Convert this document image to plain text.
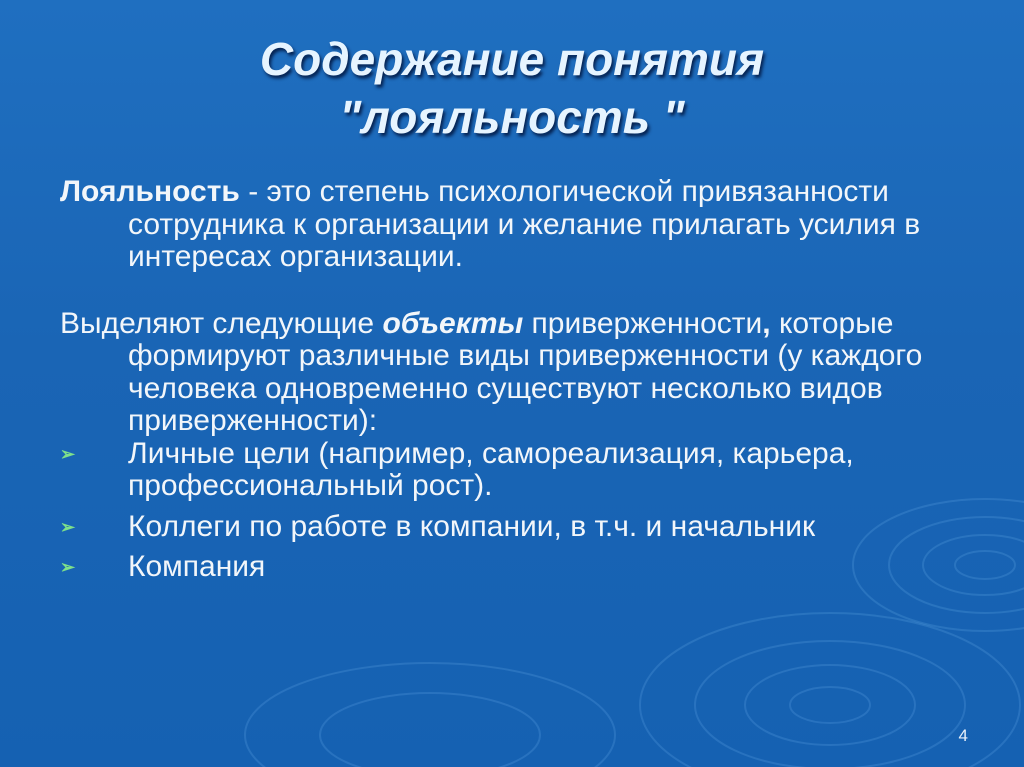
Содержание понятия
"лояльность "

Лояльность - это степень психологической привязанности сотрудника к организации и желание прилагать усилия в интересах организации.

Выделяют следующие объекты приверженности, которые формируют различные виды приверженности (у каждого человека одновременно существуют несколько видов приверженности):

➢ Личные цели (например, самореализация, карьера, профессиональный рост).
➢ Коллеги по работе в компании, в т.ч. и начальник
➢ Компания
4
